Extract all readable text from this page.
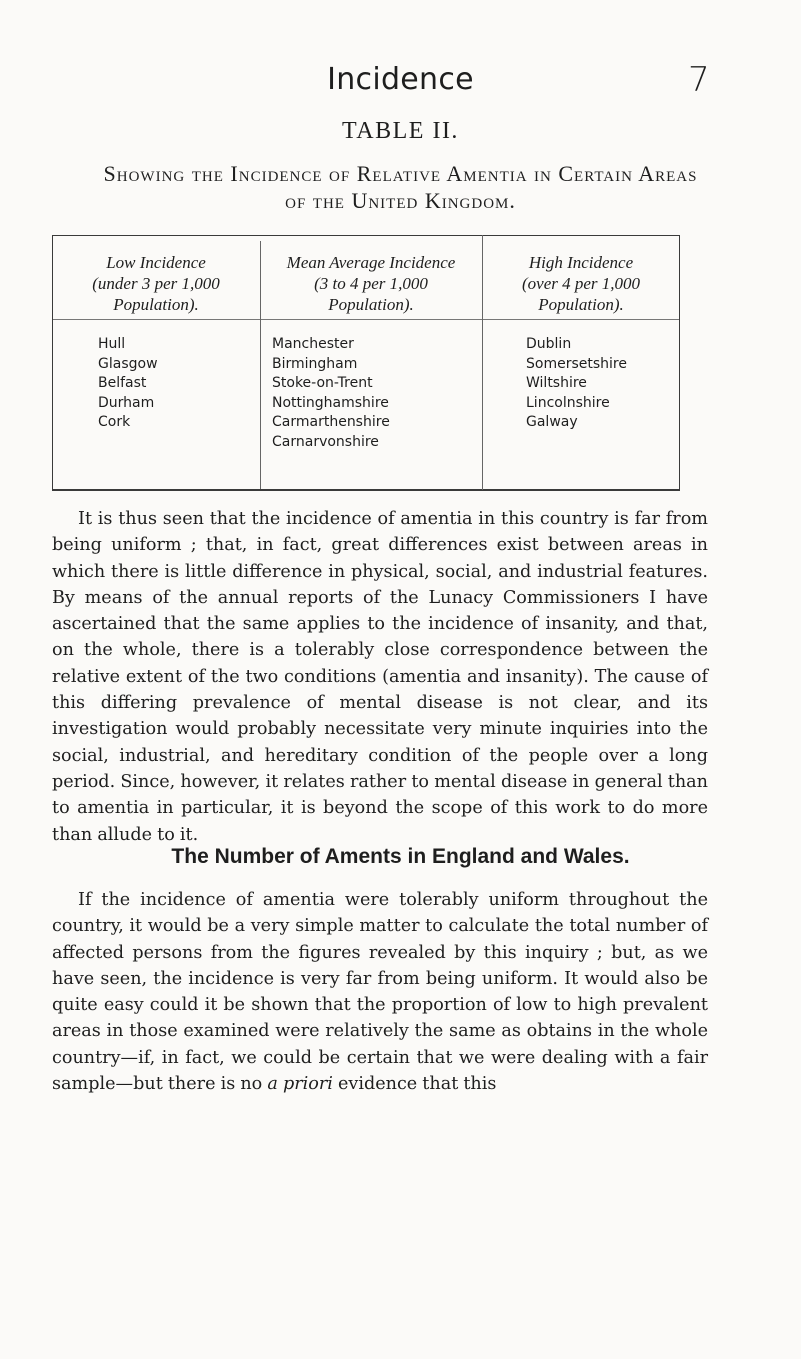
Incidence	7
TABLE II.
Showing the Incidence of Relative Amentia in Certain Areas
of the United Kingdom.
Low Incidence
(under 3 per 1,000
Population).
Mean Average Incidence
(3 to 4 per 1,000
Population).
High Incidence
(over 4 per 1,000
Population).
Hull
Glasgow
Belfast
Durham
Cork
Manchester
Birmingham
Stoke-on-Trent
Nottinghamshire
Carmarthenshire
Carnarvonshire
Dublin
Somersetshire
Wiltshire
Lincolnshire
Galway
It is thus seen that the incidence of amentia in this country is far from being uniform ; that, in fact, great differences exist between areas in which there is little difference in physical, social, and industrial features. By means of the annual reports of the Lunacy Commissioners I have ascertained that the same applies to the incidence of insanity, and that, on the whole, there is a tolerably close correspondence between the relative extent of the two conditions (amentia and insanity). The cause of this differing prevalence of mental disease is not clear, and its investigation would probably necessitate very minute inquiries into the social, industrial, and hereditary condition of the people over a long period. Since, however, it relates rather to mental disease in general than to amentia in particular, it is beyond the scope of this work to do more than allude to it.
The Number of Aments in England and Wales.
If the incidence of amentia were tolerably uniform throughout the country, it would be a very simple matter to calculate the total number of affected persons from the figures revealed by this inquiry ; but, as we have seen, the incidence is very far from being uniform. It would also be quite easy could it be shown that the proportion of low to high prevalent areas in those examined were relatively the same as obtains in the whole country—if, in fact, we could be certain that we were dealing with a fair sample—but there is no a priori evidence that this
